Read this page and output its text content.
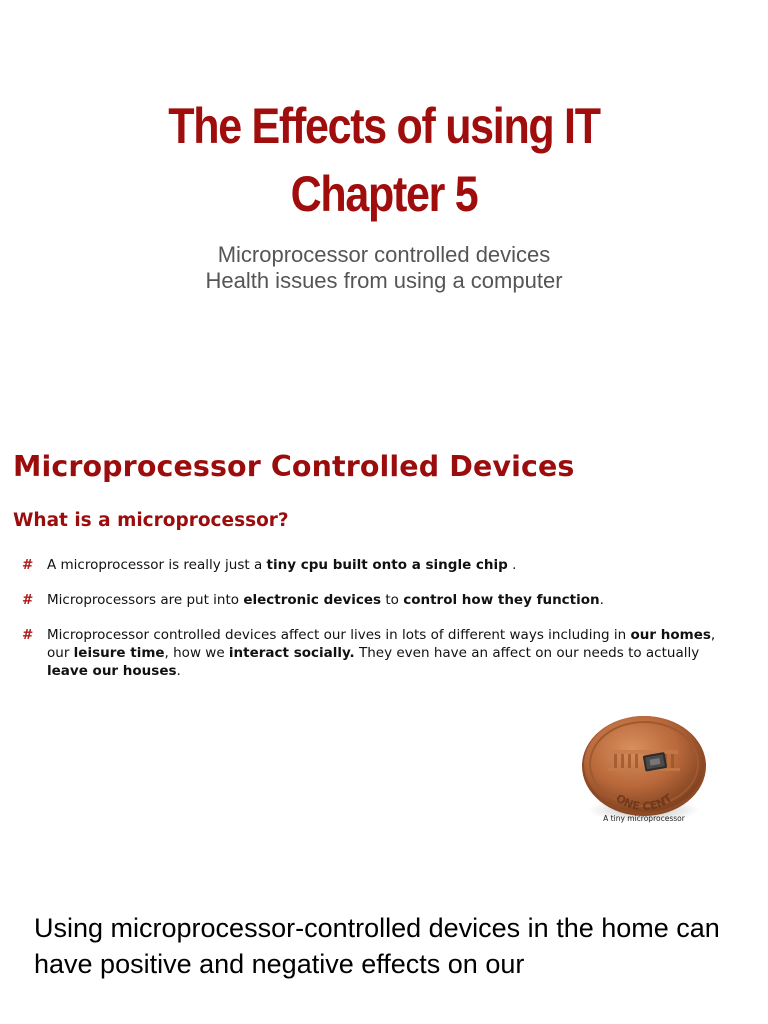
The Effects of using IT
Chapter 5
Microprocessor controlled devices
Health issues from using a computer
Microprocessor Controlled Devices
What is a microprocessor?
# A microprocessor is really just a tiny cpu built onto a single chip .
# Microprocessors are put into electronic devices to control how they function.
# Microprocessor controlled devices affect our lives in lots of different ways including in our homes, our leisure time, how we interact socially. They even have an affect on our needs to actually leave our houses.
ONE CENT
A tiny microprocessor
Using microprocessor-controlled devices in the home can have positive and negative effects on our
